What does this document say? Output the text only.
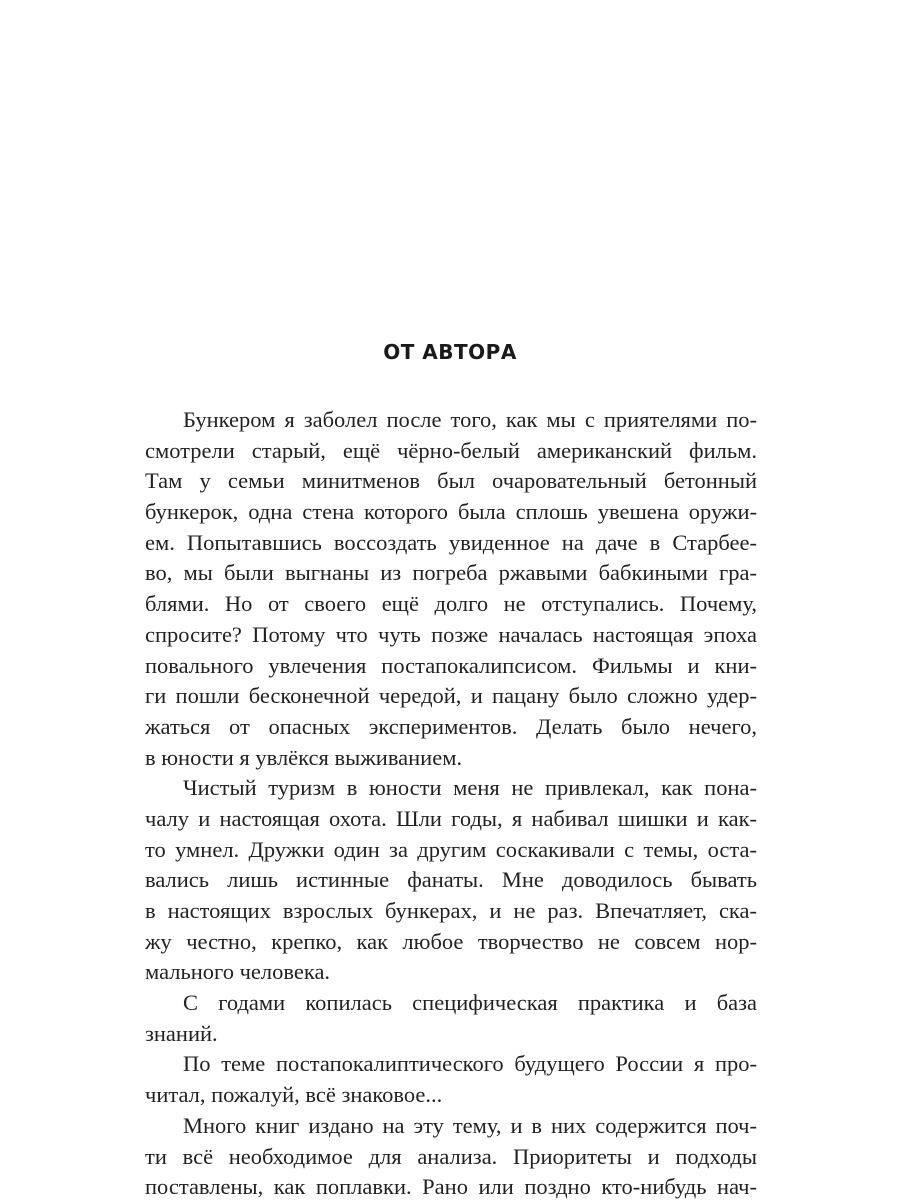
ОТ АВТОРА
Бункером я заболел после того, как мы с приятелями по-
смотрели старый, ещё чёрно-белый американский фильм.
Там у семьи минитменов был очаровательный бетонный
бункерок, одна стена которого была сплошь увешена оружи-
ем. Попытавшись воссоздать увиденное на даче в Старбее-
во, мы были выгнаны из погреба ржавыми бабкиными гра-
блями. Но от своего ещё долго не отступались. Почему,
спросите? Потому что чуть позже началась настоящая эпоха
повального увлечения постапокалипсисом. Фильмы и кни-
ги пошли бесконечной чередой, и пацану было сложно удер-
жаться от опасных экспериментов. Делать было нечего,
в юности я увлёкся выживанием.
Чистый туризм в юности меня не привлекал, как пона-
чалу и настоящая охота. Шли годы, я набивал шишки и как-
то умнел. Дружки один за другим соскакивали с темы, оста-
вались лишь истинные фанаты. Мне доводилось бывать
в настоящих взрослых бункерах, и не раз. Впечатляет, ска-
жу честно, крепко, как любое творчество не совсем нор-
мального человека.
С годами копилась специфическая практика и база
знаний.
По теме постапокалиптического будущего России я про-
читал, пожалуй, всё знаковое...
Много книг издано на эту тему, и в них содержится поч-
ти всё необходимое для анализа. Приоритеты и подходы
поставлены, как поплавки. Рано или поздно кто-нибудь нач-
